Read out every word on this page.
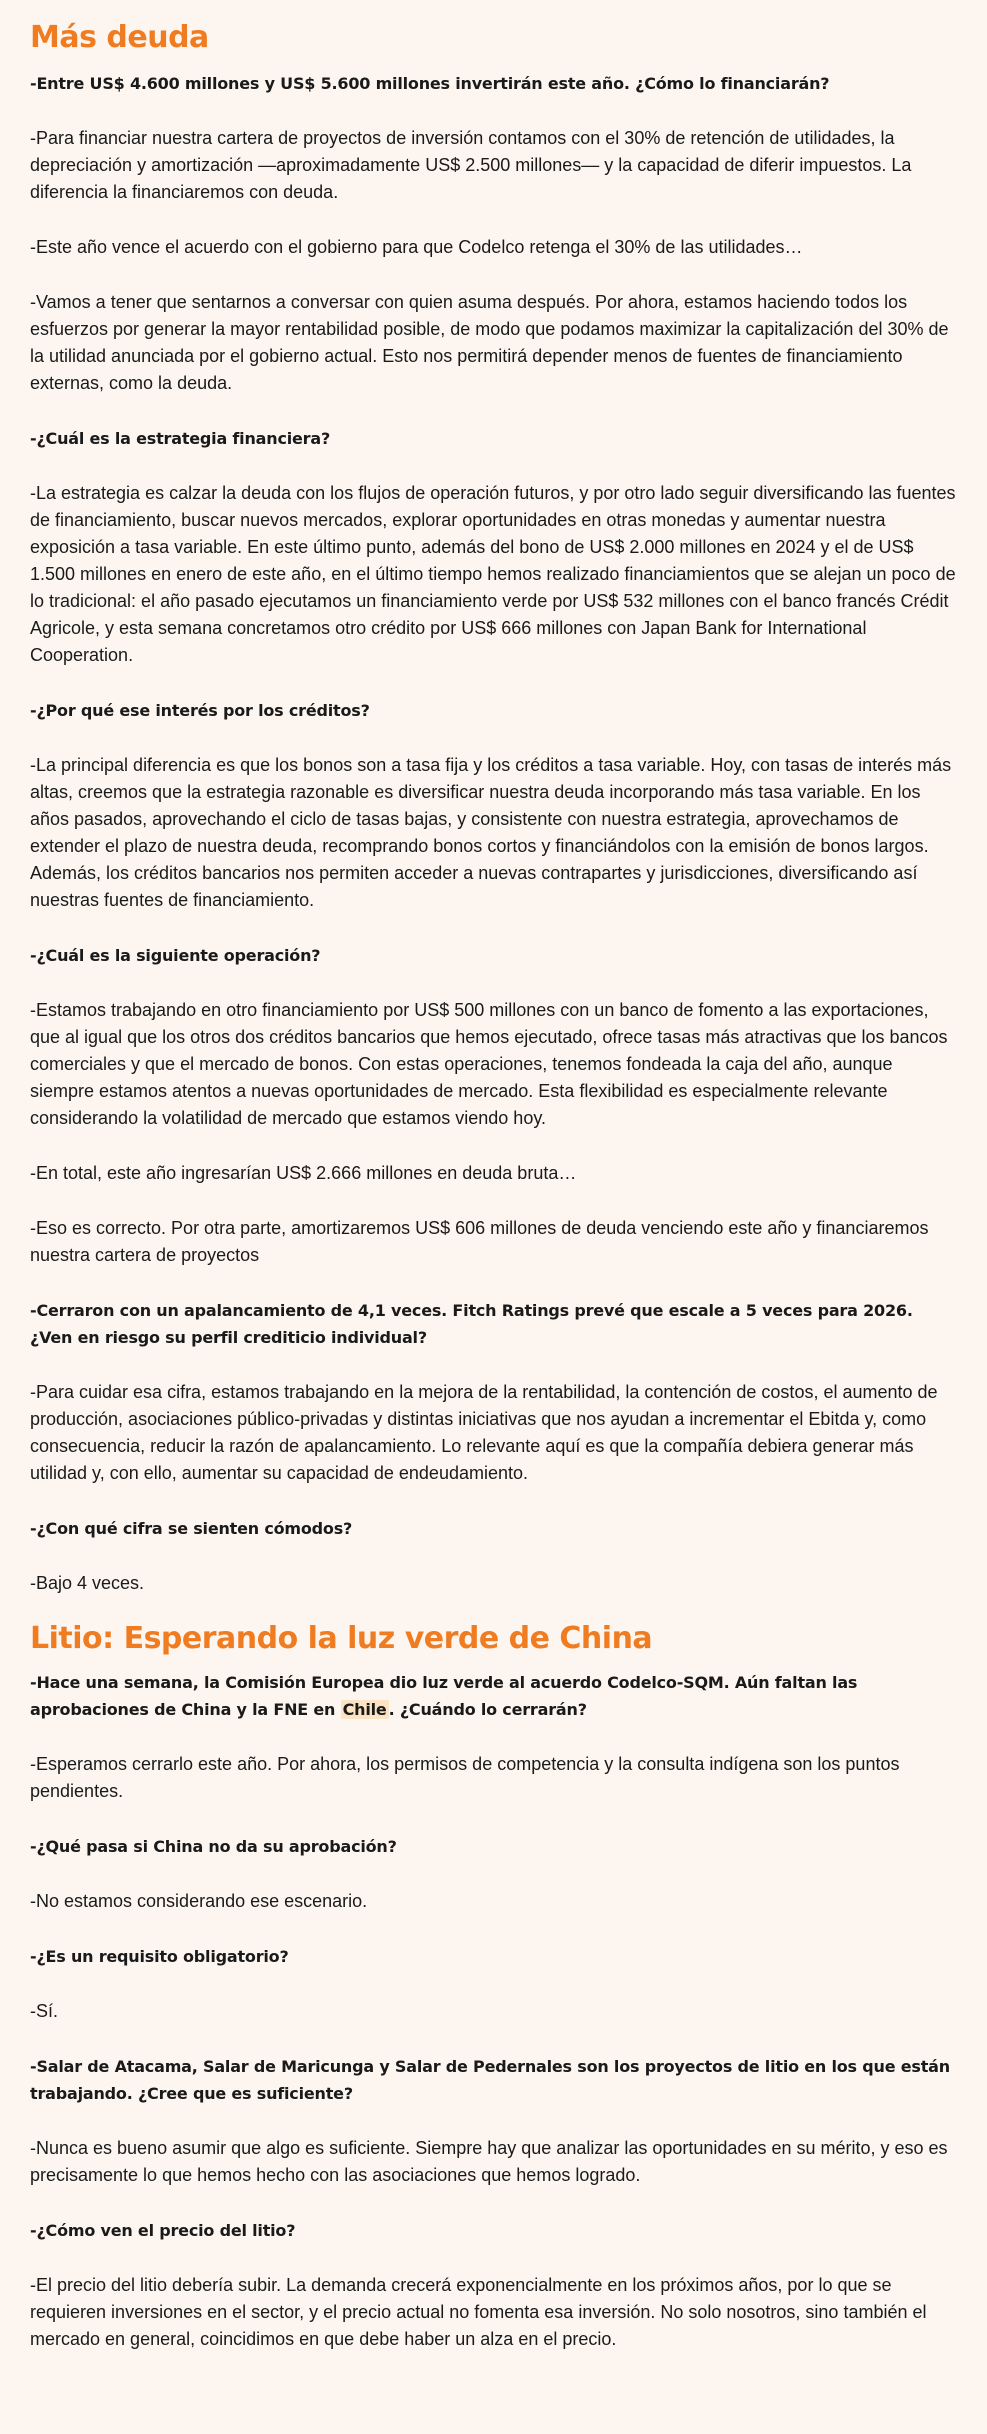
Más deuda

-Entre US$ 4.600 millones y US$ 5.600 millones invertirán este año. ¿Cómo lo financiarán?

-Para financiar nuestra cartera de proyectos de inversión contamos con el 30% de retención de utilidades, la depreciación y amortización —aproximadamente US$ 2.500 millones— y la capacidad de diferir impuestos. La diferencia la financiaremos con deuda.

-Este año vence el acuerdo con el gobierno para que Codelco retenga el 30% de las utilidades…

-Vamos a tener que sentarnos a conversar con quien asuma después. Por ahora, estamos haciendo todos los esfuerzos por generar la mayor rentabilidad posible, de modo que podamos maximizar la capitalización del 30% de la utilidad anunciada por el gobierno actual. Esto nos permitirá depender menos de fuentes de financiamiento externas, como la deuda.

-¿Cuál es la estrategia financiera?

-La estrategia es calzar la deuda con los flujos de operación futuros, y por otro lado seguir diversificando las fuentes de financiamiento, buscar nuevos mercados, explorar oportunidades en otras monedas y aumentar nuestra exposición a tasa variable. En este último punto, además del bono de US$ 2.000 millones en 2024 y el de US$ 1.500 millones en enero de este año, en el último tiempo hemos realizado financiamientos que se alejan un poco de lo tradicional: el año pasado ejecutamos un financiamiento verde por US$ 532 millones con el banco francés Crédit Agricole, y esta semana concretamos otro crédito por US$ 666 millones con Japan Bank for International Cooperation.

-¿Por qué ese interés por los créditos?

-La principal diferencia es que los bonos son a tasa fija y los créditos a tasa variable. Hoy, con tasas de interés más altas, creemos que la estrategia razonable es diversificar nuestra deuda incorporando más tasa variable. En los años pasados, aprovechando el ciclo de tasas bajas, y consistente con nuestra estrategia, aprovechamos de extender el plazo de nuestra deuda, recomprando bonos cortos y financiándolos con la emisión de bonos largos. Además, los créditos bancarios nos permiten acceder a nuevas contrapartes y jurisdicciones, diversificando así nuestras fuentes de financiamiento.

-¿Cuál es la siguiente operación?

-Estamos trabajando en otro financiamiento por US$ 500 millones con un banco de fomento a las exportaciones, que al igual que los otros dos créditos bancarios que hemos ejecutado, ofrece tasas más atractivas que los bancos comerciales y que el mercado de bonos. Con estas operaciones, tenemos fondeada la caja del año, aunque siempre estamos atentos a nuevas oportunidades de mercado. Esta flexibilidad es especialmente relevante considerando la volatilidad de mercado que estamos viendo hoy.

-En total, este año ingresarían US$ 2.666 millones en deuda bruta…

-Eso es correcto. Por otra parte, amortizaremos US$ 606 millones de deuda venciendo este año y financiaremos nuestra cartera de proyectos

-Cerraron con un apalancamiento de 4,1 veces. Fitch Ratings prevé que escale a 5 veces para 2026. ¿Ven en riesgo su perfil crediticio individual?

-Para cuidar esa cifra, estamos trabajando en la mejora de la rentabilidad, la contención de costos, el aumento de producción, asociaciones público-privadas y distintas iniciativas que nos ayudan a incrementar el Ebitda y, como consecuencia, reducir la razón de apalancamiento. Lo relevante aquí es que la compañía debiera generar más utilidad y, con ello, aumentar su capacidad de endeudamiento.

-¿Con qué cifra se sienten cómodos?

-Bajo 4 veces.

Litio: Esperando la luz verde de China

-Hace una semana, la Comisión Europea dio luz verde al acuerdo Codelco-SQM. Aún faltan las aprobaciones de China y la FNE en Chile . ¿Cuándo lo cerrarán?

-Esperamos cerrarlo este año. Por ahora, los permisos de competencia y la consulta indígena son los puntos pendientes.

-¿Qué pasa si China no da su aprobación?

-No estamos considerando ese escenario.

-¿Es un requisito obligatorio?

-Sí.

-Salar de Atacama, Salar de Maricunga y Salar de Pedernales son los proyectos de litio en los que están trabajando. ¿Cree que es suficiente?

-Nunca es bueno asumir que algo es suficiente. Siempre hay que analizar las oportunidades en su mérito, y eso es precisamente lo que hemos hecho con las asociaciones que hemos logrado.

-¿Cómo ven el precio del litio?

-El precio del litio debería subir. La demanda crecerá exponencialmente en los próximos años, por lo que se requieren inversiones en el sector, y el precio actual no fomenta esa inversión. No solo nosotros, sino también el mercado en general, coincidimos en que debe haber un alza en el precio.
